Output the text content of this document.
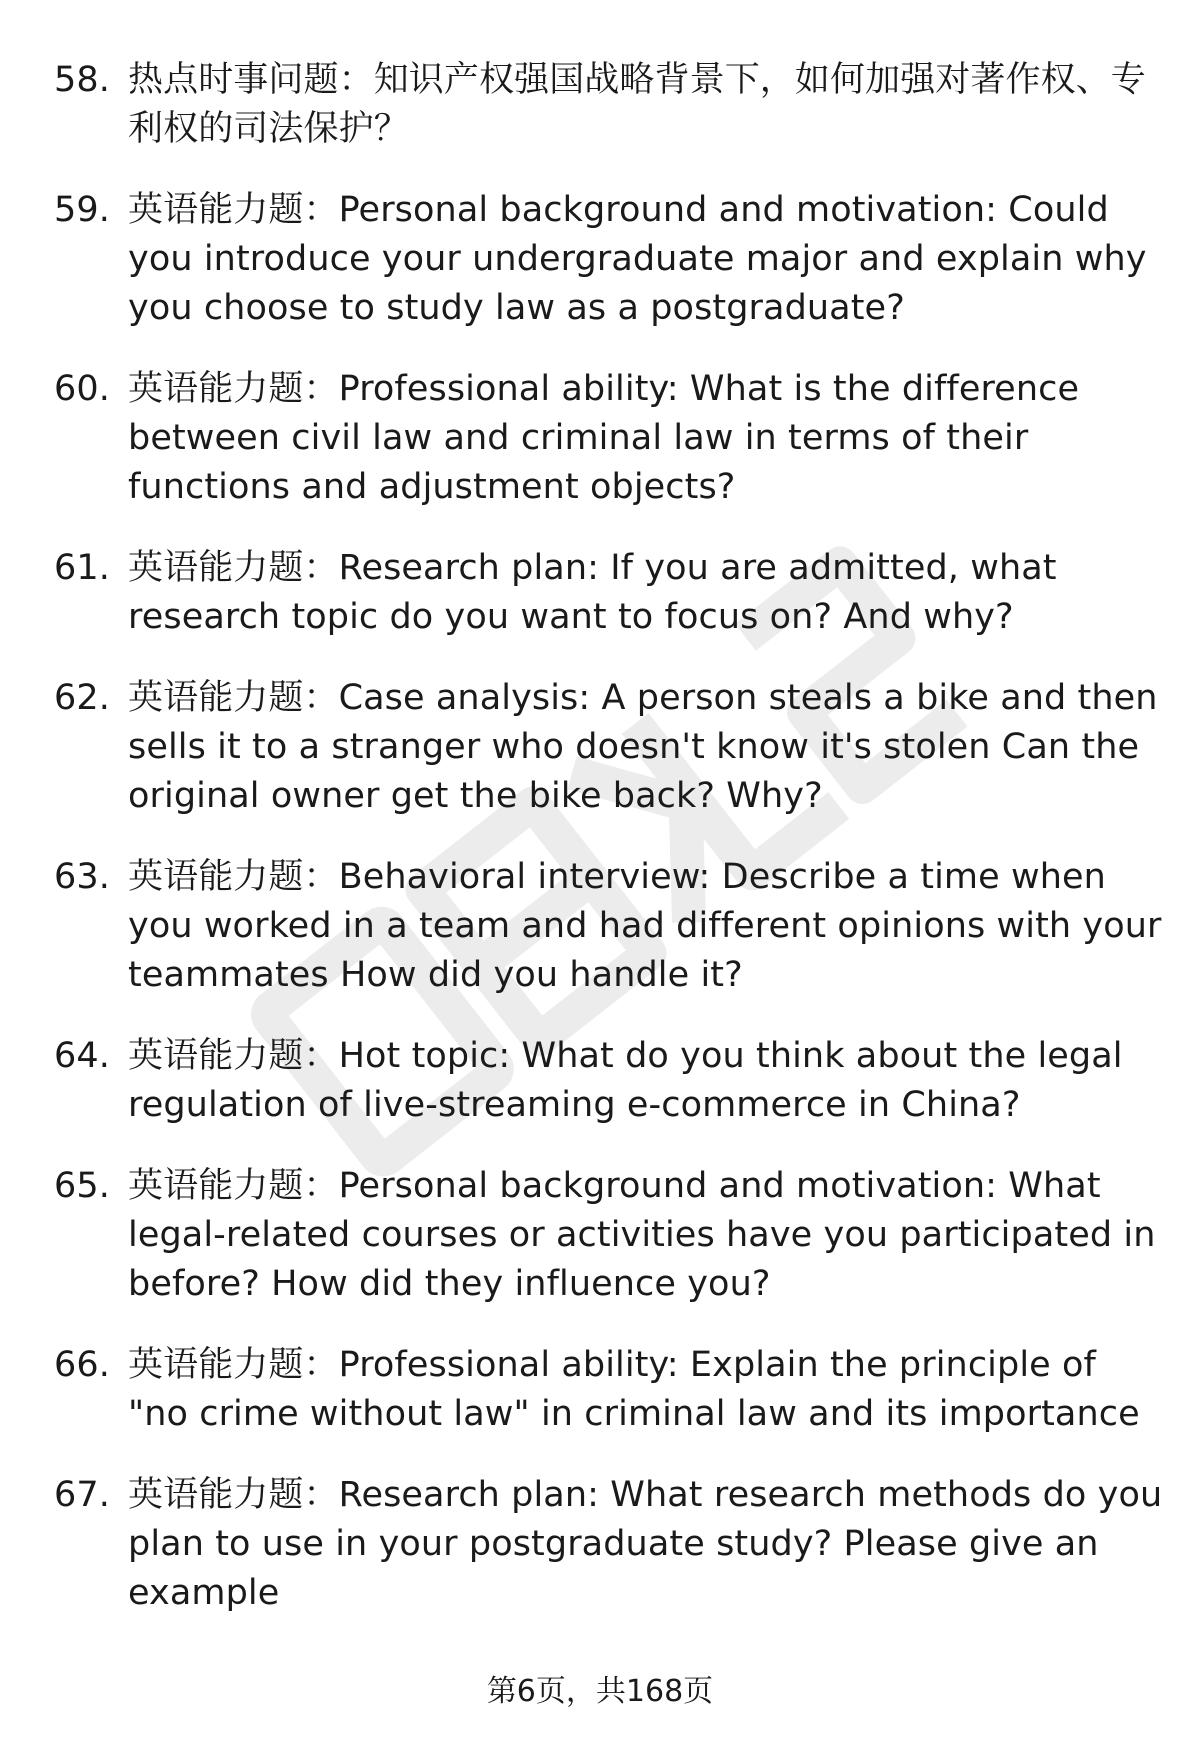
58. 热点时事问题：知识产权强国战略背景下，如何加强对著作权、专利权的司法保护？
59. 英语能力题：Personal background and motivation: Could you introduce your undergraduate major and explain why you choose to study law as a postgraduate?
60. 英语能力题：Professional ability: What is the difference between civil law and criminal law in terms of their functions and adjustment objects?
61. 英语能力题：Research plan: If you are admitted, what research topic do you want to focus on? And why?
62. 英语能力题：Case analysis: A person steals a bike and then sells it to a stranger who doesn't know it's stolen Can the original owner get the bike back? Why?
63. 英语能力题：Behavioral interview: Describe a time when you worked in a team and had different opinions with your teammates How did you handle it?
64. 英语能力题：Hot topic: What do you think about the legal regulation of live-streaming e-commerce in China?
65. 英语能力题：Personal background and motivation: What legal-related courses or activities have you participated in before? How did they influence you?
66. 英语能力题：Professional ability: Explain the principle of "no crime without law" in criminal law and its importance
67. 英语能力题：Research plan: What research methods do you plan to use in your postgraduate study? Please give an example
第6页，共168页
